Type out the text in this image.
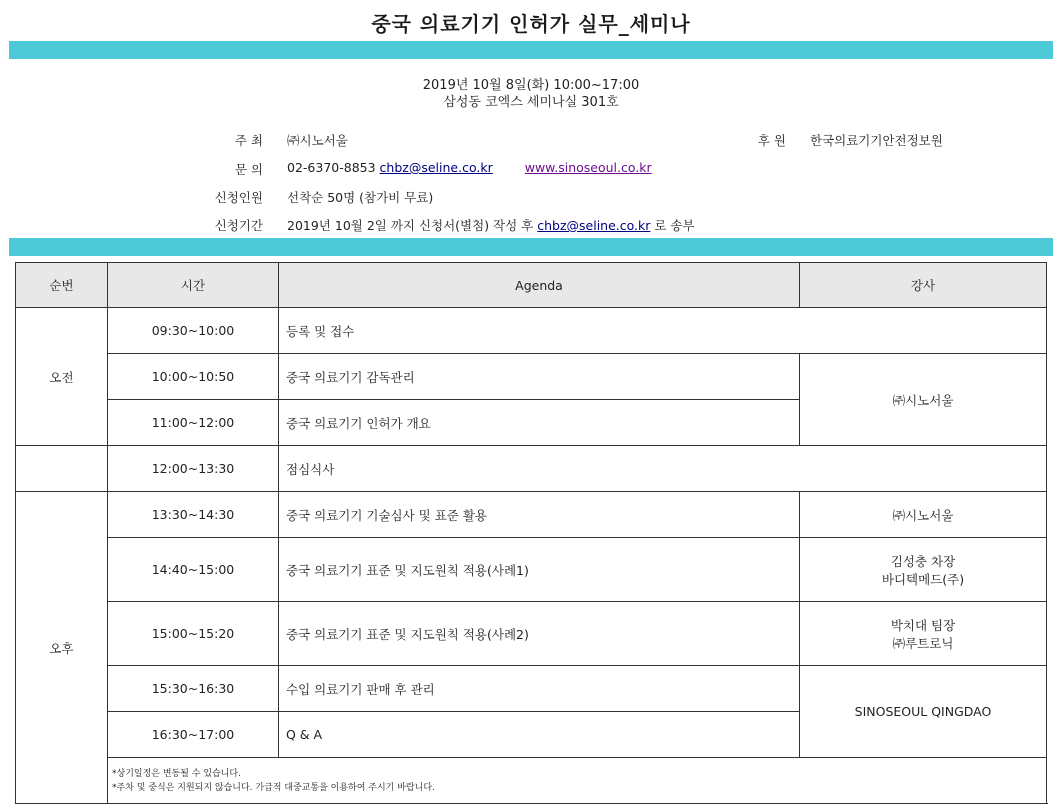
중국 의료기기 인허가 실무_세미나
2019년 10월 8일(화) 10:00~17:00
삼성동 코엑스 세미나실 301호
주 최 ㈜시노서울	후 원 한국의료기기안전정보원
문 의 02-6370-8853 chbz@seline.co.kr	www.sinoseoul.co.kr
신청인원 선착순 50명 (참가비 무료)
신청기간 2019년 10월 2일 까지 신청서(별첨) 작성 후 chbz@seline.co.kr 로 송부
순번	시간	Agenda	강사
오전	09:30~10:00	등록 및 접수	
	10:00~10:50	중국 의료기기 감독관리	㈜시노서울
	11:00~12:00	중국 의료기기 인허가 개요	
	12:00~13:30	점심식사	
오후	13:30~14:30	중국 의료기기 기술심사 및 표준 활용	㈜시노서울
	14:40~15:00	중국 의료기기 표준 및 지도원칙 적용(사례1)	김성충 차장
바디텍메드(주)

	15:00~15:20	중국 의료기기 표준 및 지도원칙 적용(사례2)	박치대 팀장
㈜루트로닉

	15:30~16:30	수입 의료기기 판매 후 관리	SINOSEOUL QINGDAO
	16:30~17:00	Q & A	

	*상기일정은 변동될 수 있습니다.
*주차 및 중식은 지원되지 않습니다. 가급적 대중교통을 이용하여 주시기 바랍니다.		
